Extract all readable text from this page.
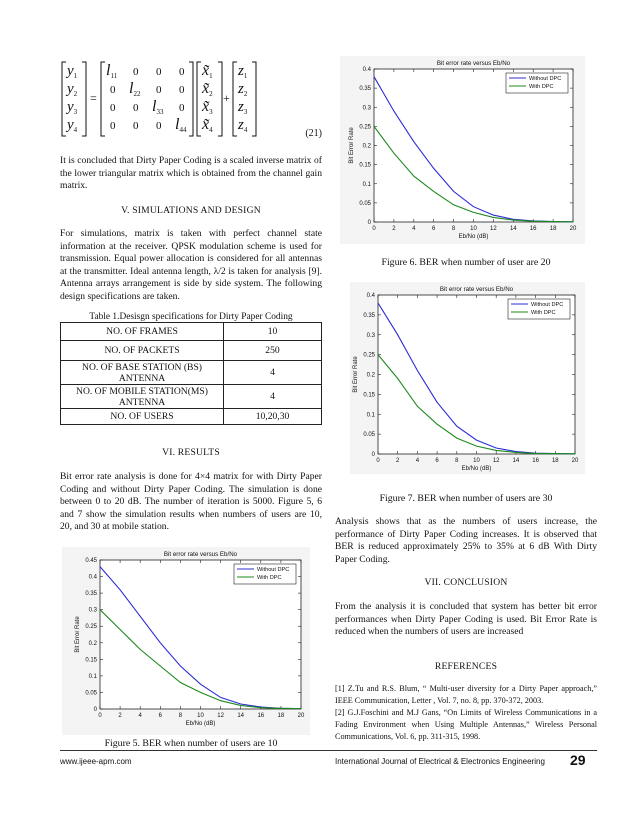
$y_1$
$y_2$
$y_3$
$y_4$
=
l11 0 0 0
0 l22 0 0
0 0 l33 0
0 0 0 l44
x̃1
x̃2
x̃3
x̃4
+
$z_1$
$z_2$
$z_3$
$z_4$	(21)

It is concluded that Dirty Paper Coding is a scaled inverse matrix of the lower triangular matrix which is obtained from the channel gain matrix.

V. SIMULATIONS AND DESIGN

For simulations, matrix is taken with perfect channel state information at the receiver. QPSK modulation scheme is used for transmission. Equal power allocation is considered for all antennas at the transmitter. Ideal antenna length, λ/2 is taken for analysis [9]. Antenna arrays arrangement is side by side system. The following design specifications are taken.

Table 1.Desisgn specifications for Dirty Paper Coding

NO. OF FRAMES	10
NO. OF PACKETS	250
NO. OF BASE STATION (BS) ANTENNA	4
NO. OF MOBILE STATION(MS) ANTENNA	4
NO. OF USERS	10,20,30

VI. RESULTS

Bit error rate analysis is done for 4×4 matrix for with Dirty Paper Coding and without Dirty Paper Coding. The simulation is done between 0 to 20 dB. The number of iteration is 5000. Figure 5, 6 and 7 show the simulation results when numbers of users are 10, 20, and 30 at mobile station.

Bit error rate versus Eb/No
0	2	4	6	8	10 12 14 16 18 20
0
0.05
0.1
0.15
0.2
0.25
0.3
0.35
0.4
0.45
Eb/No (dB)
Bit Error Rate
Without DPC
With DPC

Figure 5. BER when number of users are 10

Bit error rate versus Eb/No
0	2	4	6	8 10 12 14 16 18 20
0
0.05
0.1
0.15
0.2
0.25
0.3
0.35
0.4
Eb/No (dB)
Bit Error Rate
Without DPC
With DPC

Figure 6. BER when number of user are 20

Bit error rate versus Eb/No
0	2	4	6	8 10 12 14 16 18 20
0
0.05
0.1
0.15
0.2
0.25
0.3
0.35
0.4
Eb/No (dB)
Bit Error Rate
Without DPC
With DPC

Figure 7. BER when number of users are 30

Analysis shows that as the numbers of users increase, the performance of Dirty Paper Coding increases. It is observed that BER is reduced approximately 25% to 35% at 6 dB With Dirty Paper Coding.

VII. CONCLUSION

From the analysis it is concluded that system has better bit error performances when Dirty Paper Coding is used. Bit Error Rate is reduced when the numbers of users are increased

REFERENCES

[1] Z.Tu and R.S. Blum, “ Multi-user diversity for a Dirty Paper approach,” IEEE Communication, Letter , Vol. 7, no. 8, pp. 370-372, 2003.

[2] G.J.Foschini and M.J Gans, “On Limits of Wireless Communications in a Fading Environment when Using Multiple Antennas,” Wireless Personal Communications, Vol. 6, pp. 311-315, 1998.

www.ijeee-apm.com	International Journal of Electrical & Electronics Engineering 29
